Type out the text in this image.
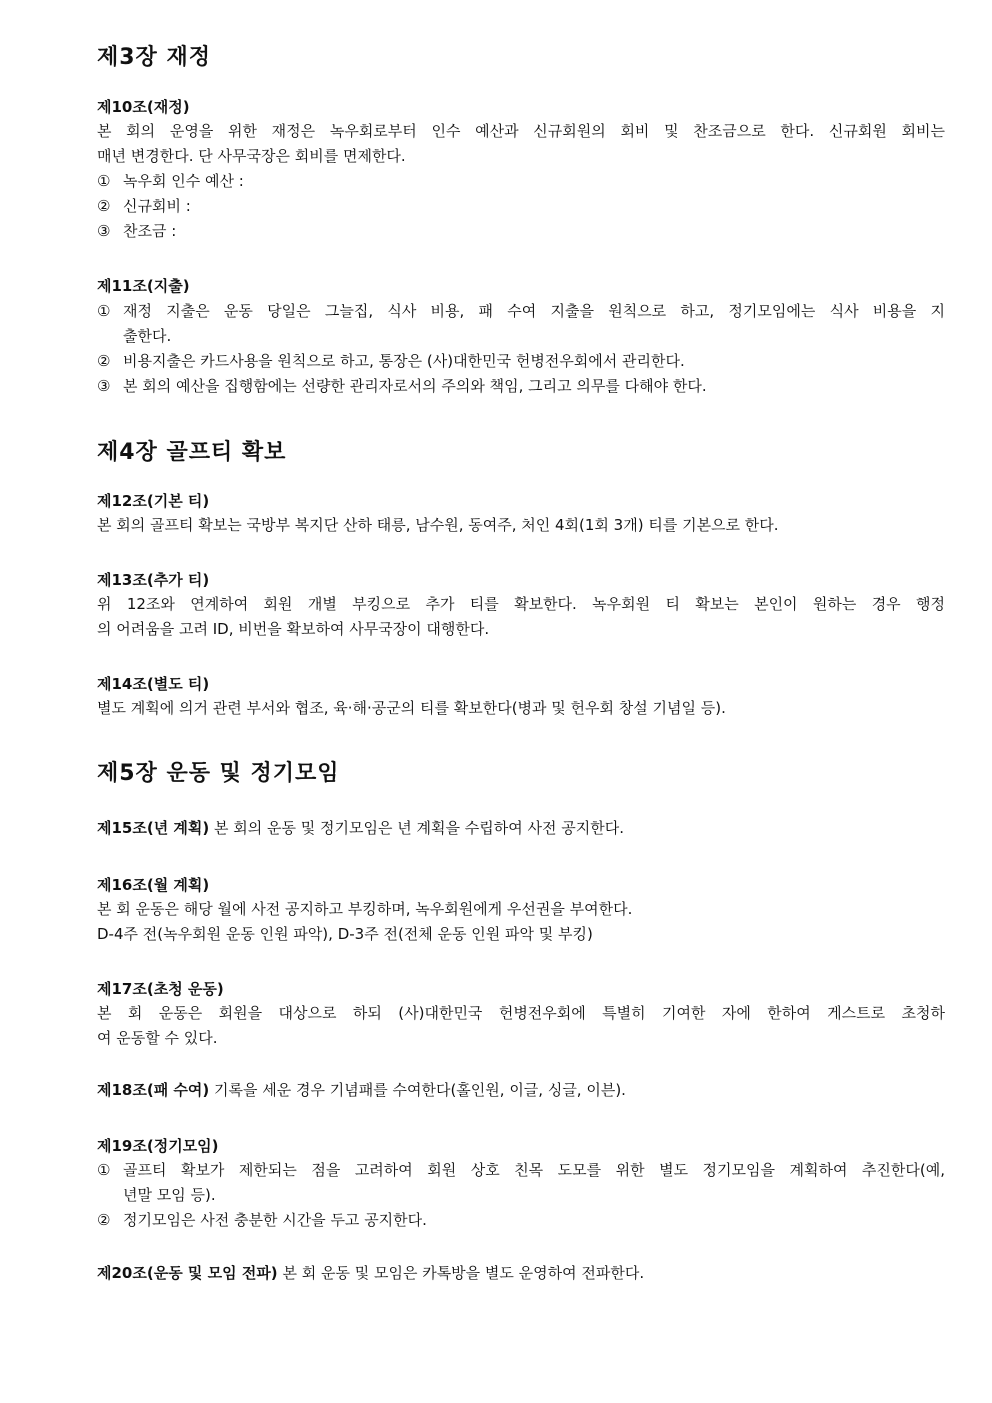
제3장 재정
제10조(재정)
본 회의 운영을 위한 재정은 녹우회로부터 인수 예산과 신규회원의 회비 및 찬조금으로 한다. 신규회원 회비는
매년 변경한다. 단 사무국장은 회비를 면제한다.
① 녹우회 인수 예산 :
② 신규회비 :
③ 찬조금 :
제11조(지출)
① 재정 지출은 운동 당일은 그늘집, 식사 비용, 패 수여 지출을 원칙으로 하고, 정기모임에는 식사 비용을 지
출한다.
② 비용지출은 카드사용을 원칙으로 하고, 통장은 (사)대한민국 헌병전우회에서 관리한다.
③ 본 회의 예산을 집행함에는 선량한 관리자로서의 주의와 책임, 그리고 의무를 다해야 한다.
제4장 골프티 확보
제12조(기본 티)
본 회의 골프티 확보는 국방부 복지단 산하 태릉, 남수원, 동여주, 처인 4회(1회 3개) 티를 기본으로 한다.
제13조(추가 티)
위 12조와 연계하여 회원 개별 부킹으로 추가 티를 확보한다. 녹우회원 티 확보는 본인이 원하는 경우 행정
의 어려움을 고려 ID, 비번을 확보하여 사무국장이 대행한다.
제14조(별도 티)
별도 계획에 의거 관련 부서와 협조, 육·해·공군의 티를 확보한다(병과 및 헌우회 창설 기념일 등).
제5장 운동 및 정기모임
제15조(년 계획) 본 회의 운동 및 정기모임은 년 계획을 수립하여 사전 공지한다.
제16조(월 계획)
본 회 운동은 해당 월에 사전 공지하고 부킹하며, 녹우회원에게 우선권을 부여한다.
D-4주 전(녹우회원 운동 인원 파악), D-3주 전(전체 운동 인원 파악 및 부킹)
제17조(초청 운동)
본 회 운동은 회원을 대상으로 하되 (사)대한민국 헌병전우회에 특별히 기여한 자에 한하여 게스트로 초청하
여 운동할 수 있다.
제18조(패 수여) 기록을 세운 경우 기념패를 수여한다(홀인원, 이글, 싱글, 이븐).
제19조(정기모임)
① 골프티 확보가 제한되는 점을 고려하여 회원 상호 친목 도모를 위한 별도 정기모임을 계획하여 추진한다(예,
년말 모임 등).
② 정기모임은 사전 충분한 시간을 두고 공지한다.
제20조(운동 및 모임 전파) 본 회 운동 및 모임은 카톡방을 별도 운영하여 전파한다.
